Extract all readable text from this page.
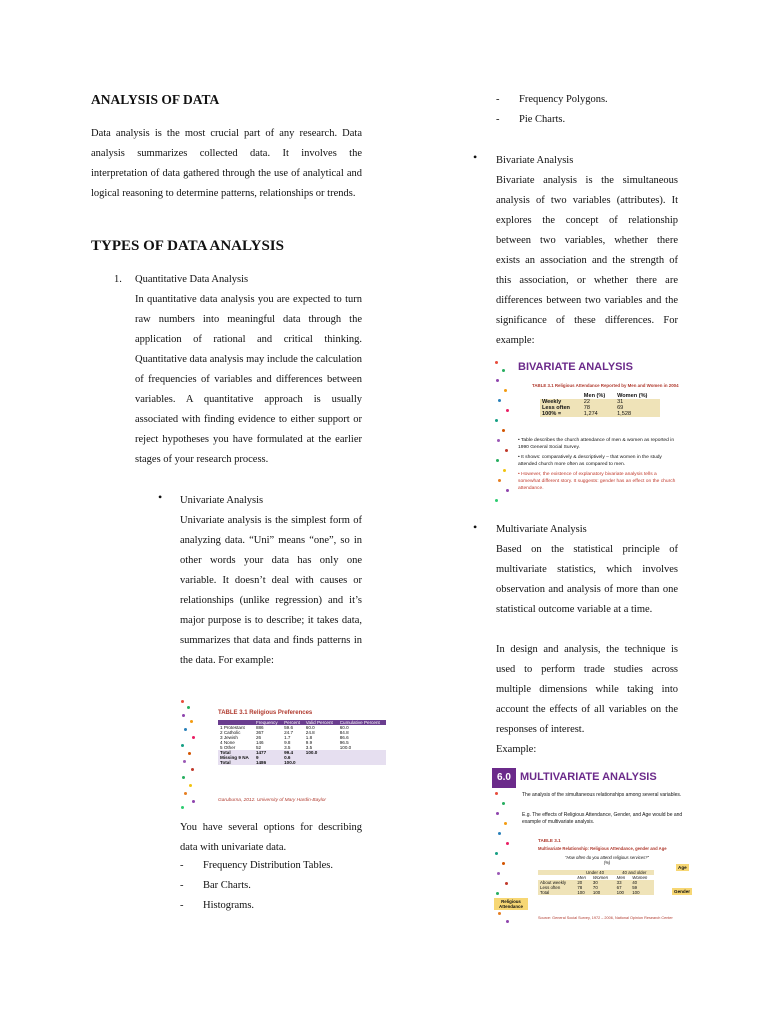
ANALYSIS OF DATA
Data analysis is the most crucial part of any research. Data analysis summarizes collected data. It involves the interpretation of data gathered through the use of analytical and logical reasoning to determine patterns, relationships or trends.
TYPES OF DATA ANALYSIS
1. Quantitative Data Analysis
In quantitative data analysis you are expected to turn raw numbers into meaningful data through the application of rational and critical thinking. Quantitative data analysis may include the calculation of frequencies of variables and differences between variables. A quantitative approach is usually associated with finding evidence to either support or reject hypotheses you have formulated at the earlier stages of your research process.
• Univariate Analysis
Univariate analysis is the simplest form of analyzing data. “Uni” means “one”, so in other words your data has only one variable. It doesn’t deal with causes or relationships (unlike regression) and it’s major purpose is to describe; it takes data, summarizes that data and finds patterns in the data. For example:
TABLE 3.1 Religious Preferences
	Frequency	Percent	Valid Percent	Cumulative Percent
1 Protestant	886	59.6	60.0	60.0
2 Catholic	367	24.7	24.8	84.8
3 Jewish	26	1.7	1.8	86.6
4 None	146	9.8	9.9	96.5
5 Other	52	3.5	3.5	100.0
Total	1477	99.4	100.0	
Missing 9 NA	9	0.6		
Total	1486	100.0		
Garuburna, 2012. University of Mary Hardin-Baylor
You have several options for describing data with univariate data.
- Frequency Distribution Tables.
- Bar Charts.
- Histograms.
- Frequency Polygons.
- Pie Charts.
• Bivariate Analysis
Bivariate analysis is the simultaneous analysis of two variables (attributes). It explores the concept of relationship between two variables, whether there exists an association and the strength of this association, or whether there are differences between two variables and the significance of these differences. For example:
BIVARIATE ANALYSIS
TABLE 3.1 Religious Attendance Reported by Men and Women in 2004
	Men (%)	Women (%)
Weekly	22	31
Less often	78	69
100% =	1,274	1,528
• Table describes the church attendance of men & women as reported in 1990 General Social Survey.
• It shows: comparatively & descriptively – that women in the study attended church more often as compared to men.
• However, the existence of explanatory bivariate analysis tells a somewhat different story. It suggests: gender has an effect on the church attendance.
• Multivariate Analysis
Based on the statistical principle of multivariate statistics, which involves observation and analysis of more than one statistical outcome variable at a time.
In design and analysis, the technique is used to perform trade studies across multiple dimensions while taking into account the effects of all variables on the responses of interest.
Example:
6.0 MULTIVARIATE ANALYSIS
The analysis of the simultaneous relationships among several variables.
E.g. The effects of Religious Attendance, Gender, and Age would be and example of multivariate analysis.
TABLE 3.1
Multivariate Relationship: Religious Attendance, gender and Age
“How often do you attend religious services?” (%)
	Under 40		40 and older	
	Men	Women	Men	Women
About weekly	20	30	33	40
Less often	78	70	67	59
Total	100	100	100	100
Age
Gender
Religious Attendance
Source: General Social Survey, 1972 – 2006, National Opinion Research Center
